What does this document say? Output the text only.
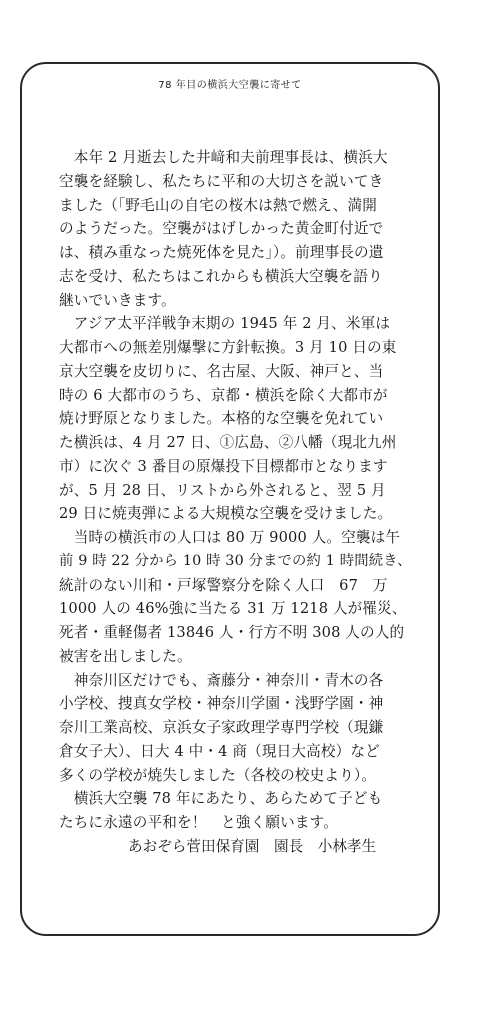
78 年目の横浜大空襲に寄せて
　本年 2 月逝去した井﨑和夫前理事長は、横浜大
空襲を経験し、私たちに平和の大切さを説いてき
ました（「野毛山の自宅の桜木は熱で燃え、満開
のようだった。空襲がはげしかった黄金町付近で
は、積み重なった焼死体を見た」）。前理事長の遺
志を受け、私たちはこれからも横浜大空襲を語り
継いでいきます。
　アジア太平洋戦争末期の 1945 年 2 月、米軍は
大都市への無差別爆撃に方針転換。3 月 10 日の東
京大空襲を皮切りに、名古屋、大阪、神戸と、当
時の 6 大都市のうち、京都・横浜を除く大都市が
焼け野原となりました。本格的な空襲を免れてい
た横浜は、4 月 27 日、①広島、②八幡（現北九州
市）に次ぐ 3 番目の原爆投下目標都市となります
が、5 月 28 日、リストから外されると、翌 5 月
29 日に焼夷弾による大規模な空襲を受けました。
　当時の横浜市の人口は 80 万 9000 人。空襲は午
前 9 時 22 分から 10 時 30 分までの約 1 時間続き、
統計のない川和・戸塚警察分を除く人口　67　万
1000 人の 46%強に当たる 31 万 1218 人が罹災、
死者・重軽傷者 13846 人・行方不明 308 人の人的
被害を出しました。
　神奈川区だけでも、斎藤分・神奈川・青木の各
小学校、捜真女学校・神奈川学園・浅野学園・神
奈川工業高校、京浜女子家政理学専門学校（現鎌
倉女子大）、日大 4 中・4 商（現日大高校）など
多くの学校が焼失しました（各校の校史より）。
　横浜大空襲 78 年にあたり、あらためて子ども
たちに永遠の平和を！　と強く願います。
あおぞら菅田保育園　園長　小林孝生
